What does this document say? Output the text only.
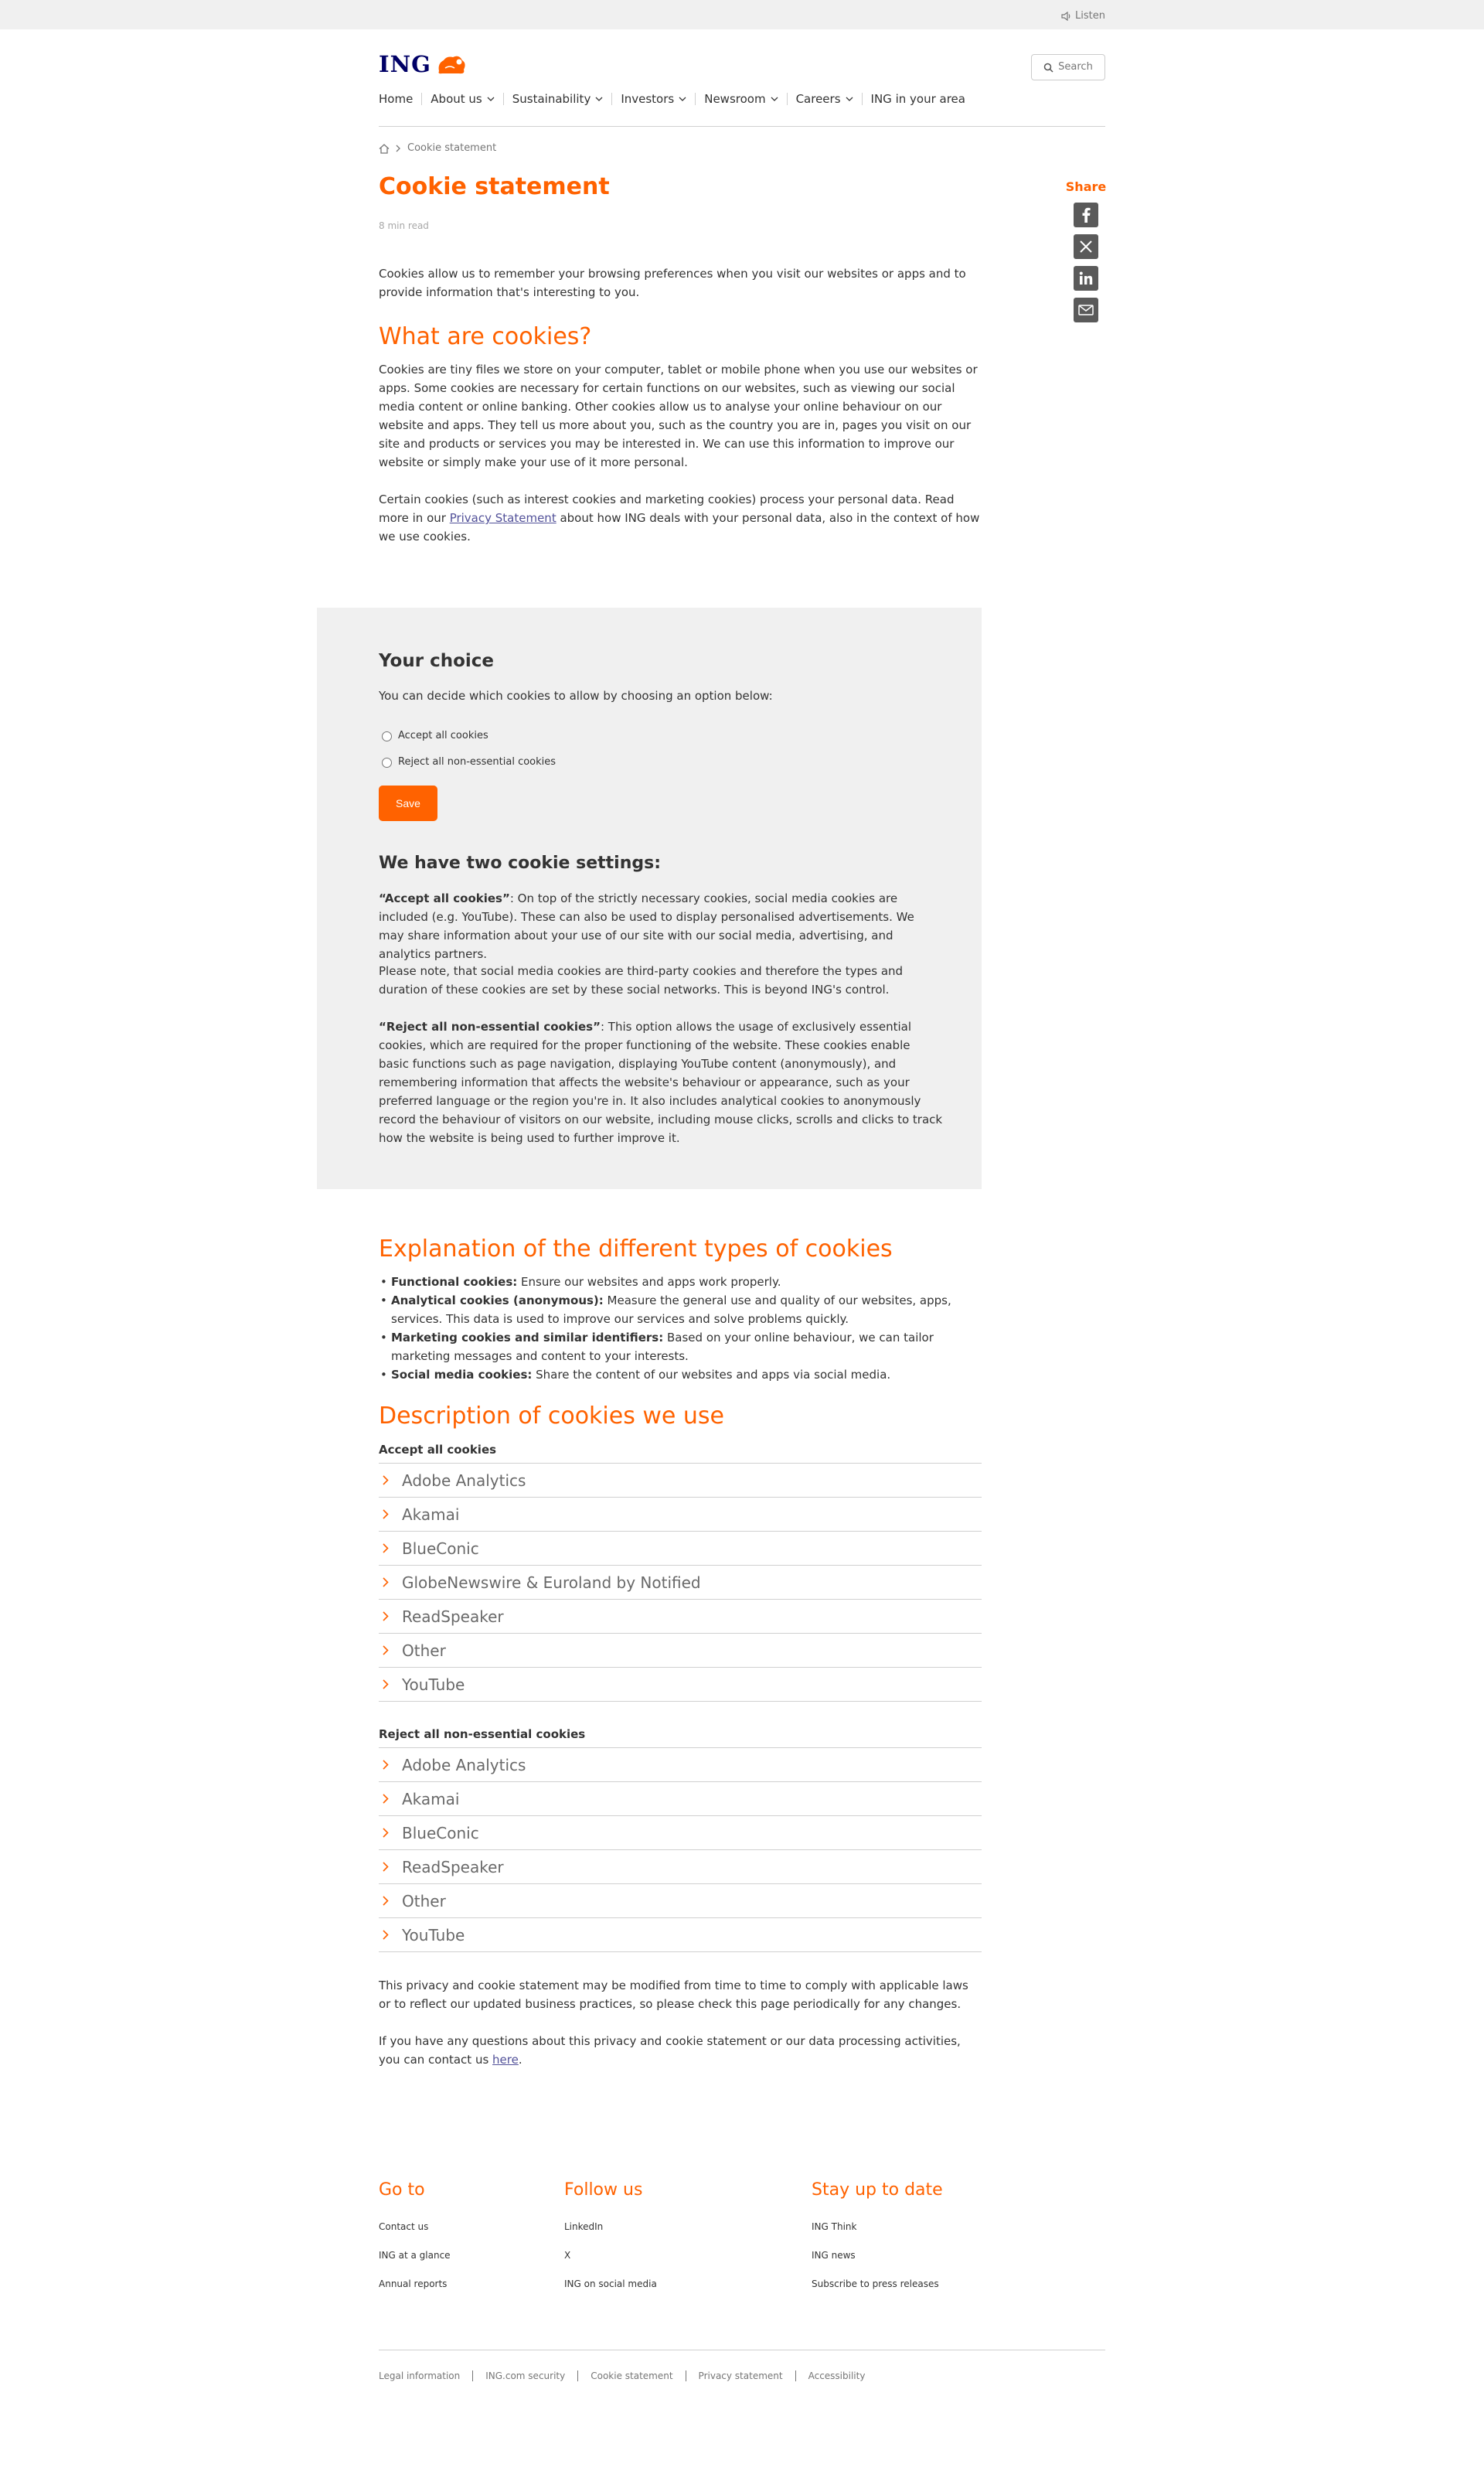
Listen
ING	Search
Home About us	Sustainability	Investors	Newsroom	Careers	ING in your area
Cookie statement
Cookie statement
8 min read
Share

Cookies allow us to remember your browsing preferences when you visit our websites or apps and to provide information that's interesting to you.

What are cookies?

Cookies are tiny files we store on your computer, tablet or mobile phone when you use our websites or apps. Some cookies are necessary for certain functions on our websites, such as viewing our social media content or online banking. Other cookies allow us to analyse your online behaviour on our website and apps. They tell us more about you, such as the country you are in, pages you visit on our site and products or services you may be interested in. We can use this information to improve our website or simply make your use of it more personal.

Certain cookies (such as interest cookies and marketing cookies) process your personal data. Read more in our Privacy Statement about how ING deals with your personal data, also in the context of how we use cookies.

Your choice

You can decide which cookies to allow by choosing an option below:

Accept all cookies
Reject all non-essential cookies
Save
We have two cookie settings:

“Accept all cookies”: On top of the strictly necessary cookies, social media cookies are included (e.g. YouTube). These can also be used to display personalised advertisements. We may share information about your use of our site with our social media, advertising, and analytics partners.

Please note, that social media cookies are third-party cookies and therefore the types and duration of these cookies are set by these social networks. This is beyond ING's control.

“Reject all non-essential cookies”: This option allows the usage of exclusively essential cookies, which are required for the proper functioning of the website. These cookies enable basic functions such as page navigation, displaying YouTube content (anonymously), and remembering information that affects the website's behaviour or appearance, such as your preferred language or the region you're in. It also includes analytical cookies to anonymously record the behaviour of visitors on our website, including mouse clicks, scrolls and clicks to track how the website is being used to further improve it.

Explanation of the different types of cookies
• Functional cookies: Ensure our websites and apps work properly.
• Analytical cookies (anonymous): Measure the general use and quality of our websites, apps, services. This data is used to improve our services and solve problems quickly.
• Marketing cookies and similar identifiers: Based on your online behaviour, we can tailor marketing messages and content to your interests.
• Social media cookies: Share the content of our websites and apps via social media.
Description of cookies we use
Accept all cookies
Adobe Analytics
Akamai
BlueConic
GlobeNewswire & Euroland by Notified
ReadSpeaker
Other
YouTube
Reject all non-essential cookies
Adobe Analytics
Akamai
BlueConic
ReadSpeaker
Other
YouTube

This privacy and cookie statement may be modified from time to time to comply with applicable laws or to reflect our updated business practices, so please check this page periodically for any changes.

If you have any questions about this privacy and cookie statement or our data processing activities, you can contact us here.

Go to
Contact us
ING at a glance
Annual reports
Follow us
LinkedIn
X
ING on social media
Stay up to date
ING Think
ING news
Subscribe to press releases
Legal information	ING.com security	Cookie statement	Privacy statement	Accessibility
